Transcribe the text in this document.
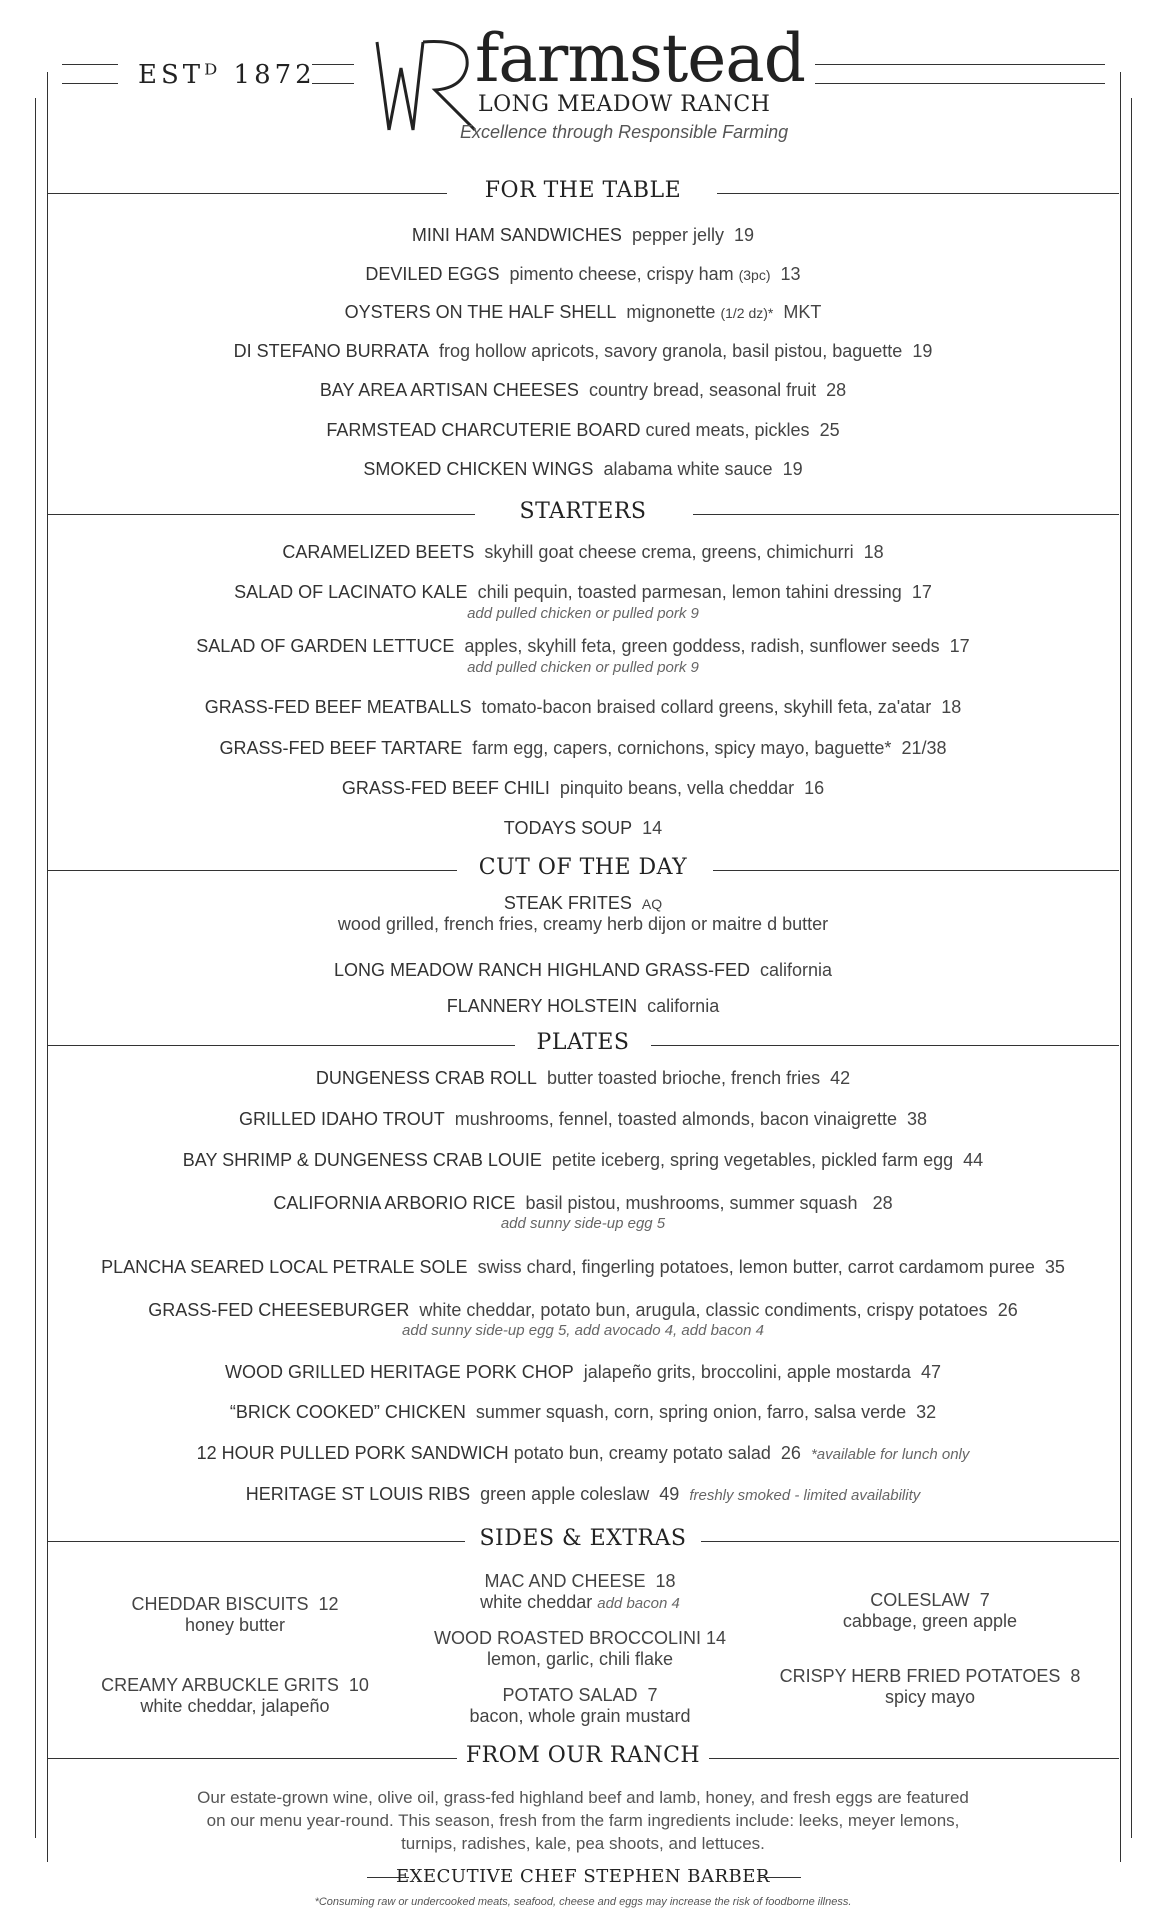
ESTᴰ 1872 farmstead
LONG MEADOW RANCH
Excellence through Responsible Farming
FOR THE TABLE
MINI HAM SANDWICHES pepper jelly 19
DEVILED EGGS pimento cheese, crispy ham (3pc) 13
OYSTERS ON THE HALF SHELL mignonette (1/2 dz)* MKT
DI STEFANO BURRATA frog hollow apricots, savory granola, basil pistou, baguette 19
BAY AREA ARTISAN CHEESES country bread, seasonal fruit 28
FARMSTEAD CHARCUTERIE BOARD cured meats, pickles 25
SMOKED CHICKEN WINGS alabama white sauce 19
STARTERS
CARAMELIZED BEETS skyhill goat cheese crema, greens, chimichurri 18
SALAD OF LACINATO KALE chili pequin, toasted parmesan, lemon tahini dressing 17
add pulled chicken or pulled pork 9
SALAD OF GARDEN LETTUCE apples, skyhill feta, green goddess, radish, sunflower seeds 17
add pulled chicken or pulled pork 9
GRASS-FED BEEF MEATBALLS tomato-bacon braised collard greens, skyhill feta, za'atar 18
GRASS-FED BEEF TARTARE farm egg, capers, cornichons, spicy mayo, baguette* 21/38
GRASS-FED BEEF CHILI pinquito beans, vella cheddar 16
TODAYS SOUP 14
CUT OF THE DAY
STEAK FRITES AQ
wood grilled, french fries, creamy herb dijon or maitre d butter
LONG MEADOW RANCH HIGHLAND GRASS-FED california
FLANNERY HOLSTEIN california
PLATES
DUNGENESS CRAB ROLL butter toasted brioche, french fries 42
GRILLED IDAHO TROUT mushrooms, fennel, toasted almonds, bacon vinaigrette 38
BAY SHRIMP & DUNGENESS CRAB LOUIE petite iceberg, spring vegetables, pickled farm egg 44
CALIFORNIA ARBORIO RICE basil pistou, mushrooms, summer squash 28
add sunny side-up egg 5
PLANCHA SEARED LOCAL PETRALE SOLE swiss chard, fingerling potatoes, lemon butter, carrot cardamom puree 35
GRASS-FED CHEESEBURGER white cheddar, potato bun, arugula, classic condiments, crispy potatoes 26
add sunny side-up egg 5, add avocado 4, add bacon 4
WOOD GRILLED HERITAGE PORK CHOP jalapeño grits, broccolini, apple mostarda 47
“BRICK COOKED” CHICKEN summer squash, corn, spring onion, farro, salsa verde 32
12 HOUR PULLED PORK SANDWICH potato bun, creamy potato salad 26 *available for lunch only
HERITAGE ST LOUIS RIBS green apple coleslaw 49 freshly smoked - limited availability
SIDES & EXTRAS
CHEDDAR BISCUITS 12
honey butter
CREAMY ARBUCKLE GRITS 10
white cheddar, jalapeño
MAC AND CHEESE 18
white cheddar add bacon 4
WOOD ROASTED BROCCOLINI 14
lemon, garlic, chili flake
POTATO SALAD 7
bacon, whole grain mustard
COLESLAW 7
cabbage, green apple
CRISPY HERB FRIED POTATOES 8
spicy mayo
FROM OUR RANCH
Our estate-grown wine, olive oil, grass-fed highland beef and lamb, honey, and fresh eggs are featured
on our menu year-round. This season, fresh from the farm ingredients include: leeks, meyer lemons,
turnips, radishes, kale, pea shoots, and lettuces.
EXECUTIVE CHEF STEPHEN BARBER
*Consuming raw or undercooked meats, seafood, cheese and eggs may increase the risk of foodborne illness.
